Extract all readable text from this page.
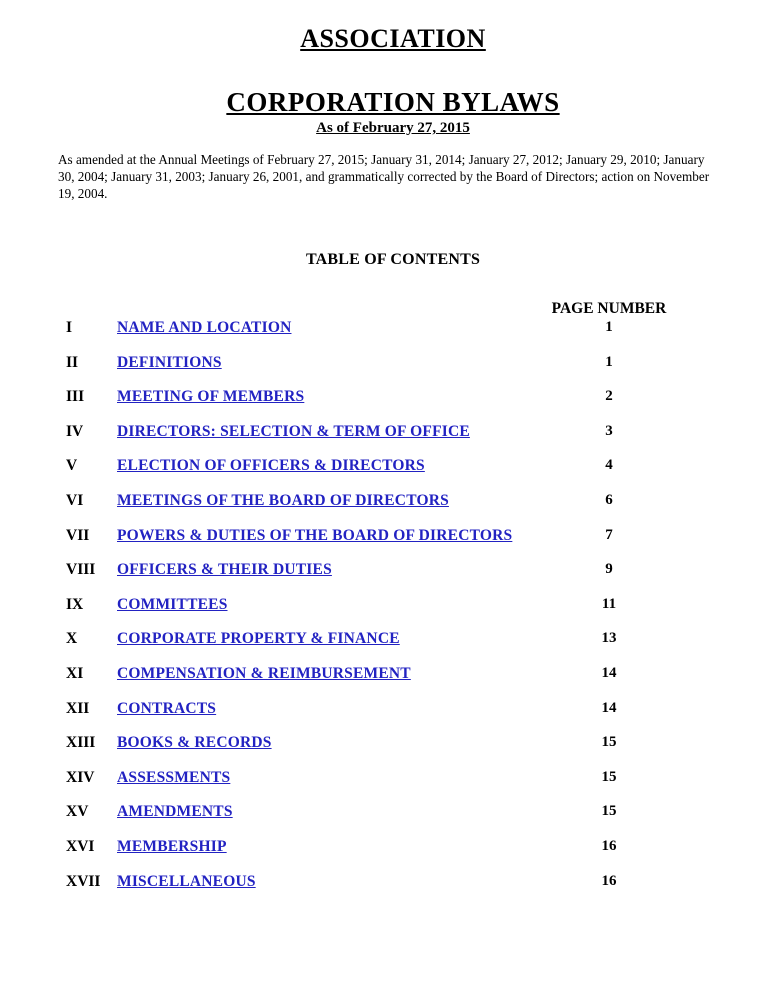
ASSOCIATION
CORPORATION BYLAWS
As of February 27, 2015

As amended at the Annual Meetings of February 27, 2015; January 31, 2014; January 27, 2012; January 29, 2010; January 30, 2004; January 31, 2003; January 26, 2001, and grammatically corrected by the Board of Directors; action on November 19, 2004.

TABLE OF CONTENTS
PAGE NUMBER
I	NAME AND LOCATION	1
II	DEFINITIONS	1
III MEETING OF MEMBERS	2
IV DIRECTORS: SELECTION & TERM OF OFFICE	3
V	ELECTION OF OFFICERS & DIRECTORS	4
VI MEETINGS OF THE BOARD OF DIRECTORS	6
VII POWERS & DUTIES OF THE BOARD OF DIRECTORS	7
VIII OFFICERS & THEIR DUTIES	9
IX COMMITTEES	11
X	CORPORATE PROPERTY & FINANCE	13
XI COMPENSATION & REIMBURSEMENT	14
XII CONTRACTS	14
XIII BOOKS & RECORDS	15
XIV ASSESSMENTS	15
XV AMENDMENTS	15
XVI MEMBERSHIP	16
XVII MISCELLANEOUS	16
